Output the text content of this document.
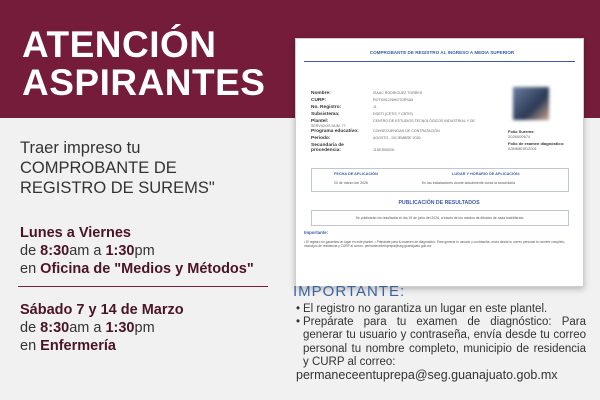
ATENCIÓN
ASPIRANTES

Traer impreso tu

COMPROBANTE DE

REGISTRO DE SUREMS"

Lunes a Viernes

de 8:30am a 1:30pm

en Oficina de "Medios y Métodos"

Sábado 7 y 14 de Marzo

de 8:30am a 1:30pm

en Enfermería

COMPROBANTE DE REGISTRO AL INGRESO A MEDIA SUPERIOR
Nombre:	ISAAC RODRIGUEZ TORRES
CURP:	ROTI051226HGTDRSA5
No. Registro:	11
Subsistema:	DGETI (CETIS Y CBTIS)
Plantel:	CENTRO DE ESTUDIOS TECNOLÓGICOS INDUSTRIAL Y DE SERVICIOS NUM. 77
Programa educativo:	CONSECUENCIAS DE CONTRATACIÓN
Periodo:	AGOSTO - DICIEMBRE 2026
Secundaria de procedencia:	11DES0002K
Folio Suremx:
2026000674
Folio de examen diagnóstico:
A3N65E0D2001
FECHA DE APLICACIÓN	LUGAR Y HORARIO DE APLICACIÓN:
20 de marzo del 2026	En las instalaciones donde actualmente cursa la secundaria
PUBLICACIÓN DE RESULTADOS
Se publicarán los resultados el día 19 de junio del 2026, a través de los medios de difusión de cada bachillerato.
Importante:
• El registro no garantiza un lugar en este plantel. • Prepárate para tu examen de diagnóstico: Para generar tu usuario y contraseña, envía desde tu correo personal tu nombre completo, municipio de residencia y CURP al correo: permaneceentuprepa@seg.guanajuato.gob.mx

IMPORTANTE:

• El registro no garantiza un lugar en este plantel.
• Prepárate para tu examen de diagnóstico: Para generar tu usuario y contraseña, envía desde tu correo personal tu nombre completo, municipio de residencia y CURP al correo:
permaneceentuprepa@seg.guanajuato.gob.mx
